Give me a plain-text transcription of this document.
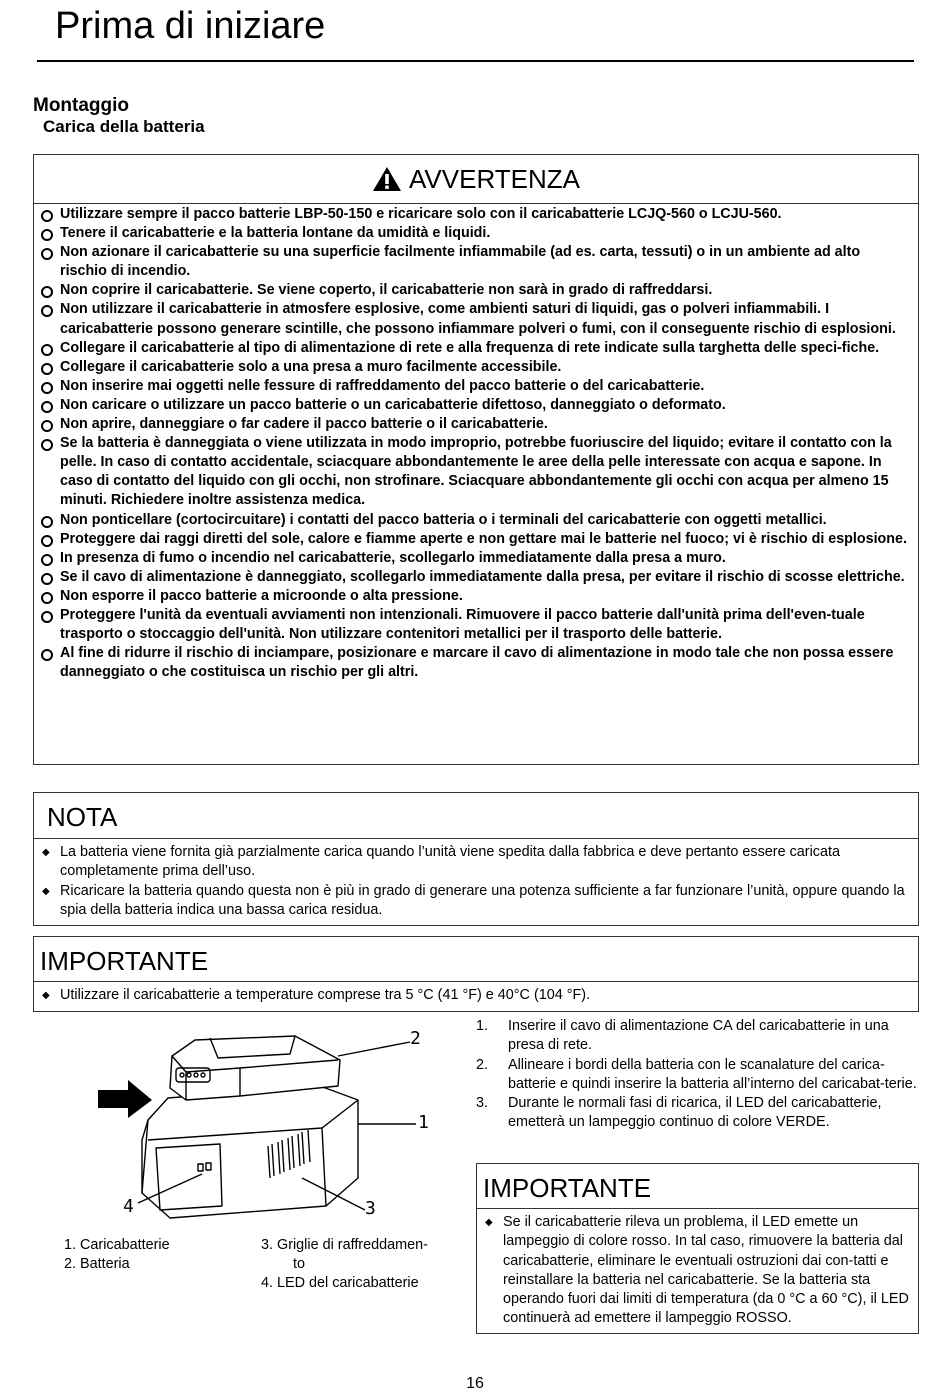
Prima di iniziare
Montaggio
Carica della batteria
AVVERTENZA
Utilizzare sempre il pacco batterie LBP-50-150 e ricaricare solo con il caricabatterie LCJQ-560 o LCJU-560.
Tenere il caricabatterie e la batteria lontane da umidità e liquidi.
Non azionare il caricabatterie su una superficie facilmente infiammabile (ad es. carta, tessuti) o in un ambiente ad alto rischio di incendio.
Non coprire il caricabatterie. Se viene coperto, il caricabatterie non sarà in grado di raffreddarsi.
Non utilizzare il caricabatterie in atmosfere esplosive, come ambienti saturi di liquidi, gas o polveri infiammabili. I caricabatterie possono generare scintille, che possono infiammare polveri o fumi, con il conseguente rischio di esplosioni.
Collegare il caricabatterie al tipo di alimentazione di rete e alla frequenza di rete indicate sulla targhetta delle speci-fiche.
Collegare il caricabatterie solo a una presa a muro facilmente accessibile.
Non inserire mai oggetti nelle fessure di raffreddamento del pacco batterie o del caricabatterie.
Non caricare o utilizzare un pacco batterie o un caricabatterie difettoso, danneggiato o deformato.
Non aprire, danneggiare o far cadere il pacco batterie o il caricabatterie.
Se la batteria è danneggiata o viene utilizzata in modo improprio, potrebbe fuoriuscire del liquido; evitare il contatto con la pelle. In caso di contatto accidentale, sciacquare abbondantemente le aree della pelle interessate con acqua e sapone. In caso di contatto del liquido con gli occhi, non strofinare. Sciacquare abbondantemente gli occhi con acqua per almeno 15 minuti. Richiedere inoltre assistenza medica.
Non ponticellare (cortocircuitare) i contatti del pacco batteria o i terminali del caricabatterie con oggetti metallici.
Proteggere dai raggi diretti del sole, calore e fiamme aperte e non gettare mai le batterie nel fuoco; vi è rischio di esplosione.
In presenza di fumo o incendio nel caricabatterie, scollegarlo immediatamente dalla presa a muro.
Se il cavo di alimentazione è danneggiato, scollegarlo immediatamente dalla presa, per evitare il rischio di scosse elettriche.
Non esporre il pacco batterie a microonde o alta pressione.
Proteggere l'unità da eventuali avviamenti non intenzionali. Rimuovere il pacco batterie dall'unità prima dell'even-tuale trasporto o stoccaggio dell'unità. Non utilizzare contenitori metallici per il trasporto delle batterie.
Al fine di ridurre il rischio di inciampare, posizionare e marcare il cavo di alimentazione in modo tale che non possa essere danneggiato o che costituisca un rischio per gli altri.
NOTA
◆ La batteria viene fornita già parzialmente carica quando l’unità viene spedita dalla fabbrica e deve pertanto essere caricata completamente prima dell’uso.
◆ Ricaricare la batteria quando questa non è più in grado di generare una potenza sufficiente a far funzionare l’unità, oppure quando la spia della batteria indica una bassa carica residua.
IMPORTANTE
◆ Utilizzare il caricabatterie a temperature comprese tra 5 °C (41 °F) e 40°C (104 °F).
2
1
3
4
1. Caricabatterie
2. Batteria
3. Griglie di raffreddamen-
to
4. LED del caricabatterie
1. Inserire il cavo di alimentazione CA del caricabatterie in una presa di rete.
2. Allineare i bordi della batteria con le scanalature del carica-batterie e quindi inserire la batteria all’interno del caricabat-terie.
3. Durante le normali fasi di ricarica, il LED del caricabatterie, emetterà un lampeggio continuo di colore VERDE.
IMPORTANTE
◆ Se il caricabatterie rileva un problema, il LED emette un lampeggio di colore rosso. In tal caso, rimuovere la batteria dal caricabatterie, eliminare le eventuali ostruzioni dai con-tatti e reinstallare la batteria nel caricabatterie. Se la batteria sta operando fuori dai limiti di temperatura (da 0 °C a 60 °C), il LED continuerà ad emettere il lampeggio ROSSO.
16
